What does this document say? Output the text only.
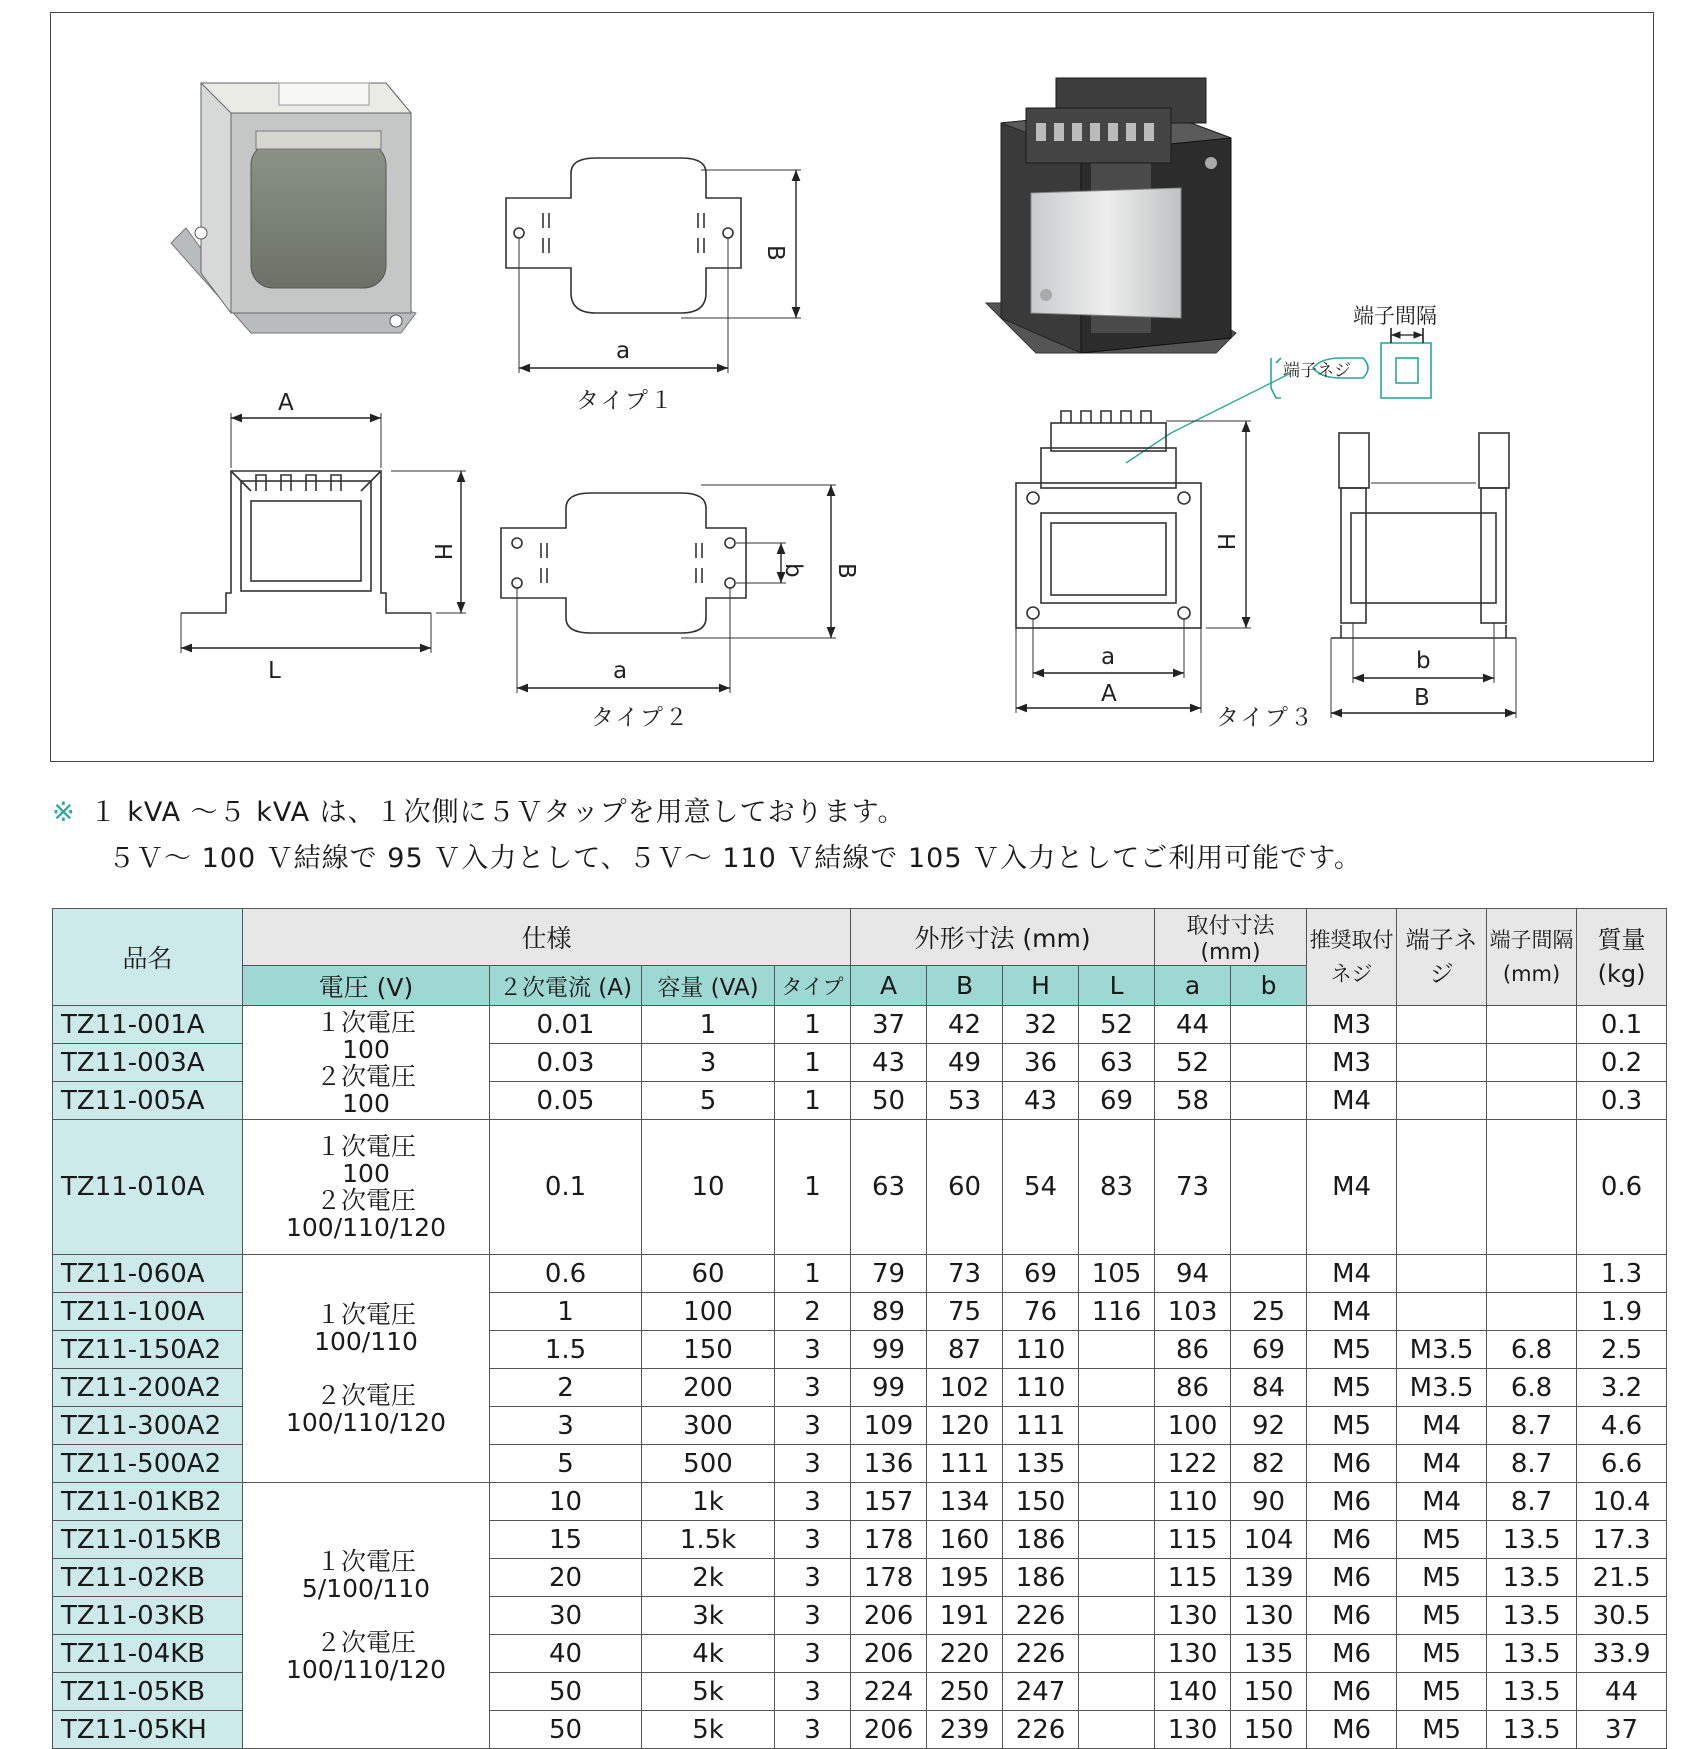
a
B
タイプ１
A
L
H
a
b B
タイプ２
端子間隔
端子ネジ
a
A
H
タイプ３
b
B
※ １ kVA ～５ kVA は、１次側に５Ｖタップを用意しております。
５Ｖ～ 100 Ｖ結線で 95 Ｖ入力として、５Ｖ～ 110 Ｖ結線で 105 Ｖ入力としてご利用可能です。
品名	仕様				外形寸法 (mm)				取付寸法 (mm)		推奨取付ネジ	端子ネジ	端子間隔 (mm)	質量 (kg)
	電圧 (V)	２次電流 (A)	容量 (VA)	タイプ	A	B	H	L	a	b				
TZ11-001A	１次電圧
100
２次電圧
100	0.01	1	1	37	42	32	52	44		M3			0.1
TZ11-003A		0.03	3	1	43	49	36	63	52		M3			0.2
TZ11-005A		0.05	5	1	50	53	43	69	58		M4			0.3
TZ11-010A	１次電圧
100
２次電圧
100/110/120	0.1	10	1	63	60	54	83	73		M4			0.6
TZ11-060A	１次電圧
100/110

２次電圧
100/110/120	0.6	60	1	79	73	69	105	94		M4			1.3
TZ11-100A		1	100	2	89	75	76	116	103	25	M4			1.9
TZ11-150A2		1.5	150	3	99	87	110		86	69	M5	M3.5	6.8	2.5
TZ11-200A2		2	200	3	99	102	110		86	84	M5	M3.5	6.8	3.2
TZ11-300A2		3	300	3	109	120	111		100	92	M5	M4	8.7	4.6
TZ11-500A2		5	500	3	136	111	135		122	82	M6	M4	8.7	6.6
TZ11-01KB2	１次電圧
5/100/110

２次電圧
100/110/120	10	1k	3	157	134	150		110	90	M6	M4	8.7	10.4
TZ11-015KB		15	1.5k	3	178	160	186		115	104	M6	M5	13.5	17.3
TZ11-02KB		20	2k	3	178	195	186		115	139	M6	M5	13.5	21.5
TZ11-03KB		30	3k	3	206	191	226		130	130	M6	M5	13.5	30.5
TZ11-04KB		40	4k	3	206	220	226		130	135	M6	M5	13.5	33.9
TZ11-05KB		50	5k	3	224	250	247		140	150	M6	M5	13.5	44
TZ11-05KH		50	5k	3	206	239	226		130	150	M6	M5	13.5	37
